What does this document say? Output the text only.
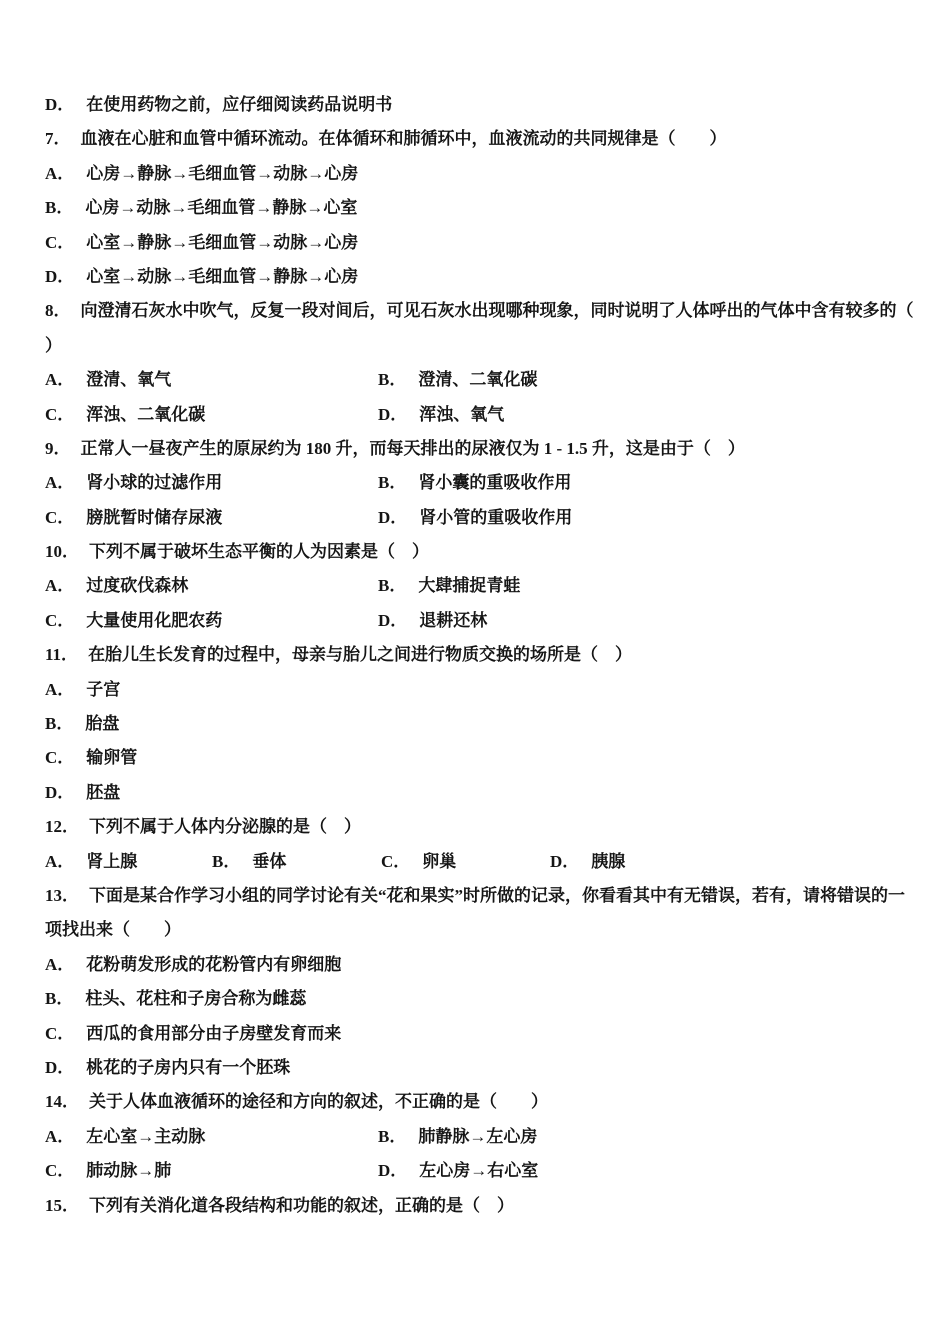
D． 在使用药物之前，应仔细阅读药品说明书
7． 血液在心脏和血管中循环流动。在体循环和肺循环中，血液流动的共同规律是（　　）
A． 心房→静脉→毛细血管→动脉→心房
B． 心房→动脉→毛细血管→静脉→心室
C． 心室→静脉→毛细血管→动脉→心房
D． 心室→动脉→毛细血管→静脉→心房
8． 向澄清石灰水中吹气，反复一段对间后，可见石灰水出现哪种现象，同时说明了人体呼出的气体中含有较多的（
）
A． 澄清、氧气	B． 澄清、二氧化碳
C． 浑浊、二氧化碳	D． 浑浊、氧气
9． 正常人一昼夜产生的原尿约为 180 升，而每天排出的尿液仅为 1 - 1.5 升，这是由于（　）
A． 肾小球的过滤作用	B． 肾小囊的重吸收作用
C． 膀胱暂时储存尿液	D． 肾小管的重吸收作用
10． 下列不属于破坏生态平衡的人为因素是（　）
A． 过度砍伐森林	B． 大肆捕捉青蛙
C． 大量使用化肥农药	D． 退耕还林
11． 在胎儿生长发育的过程中，母亲与胎儿之间进行物质交换的场所是（　）
A． 子宫
B． 胎盘
C． 输卵管
D． 胚盘
12． 下列不属于人体内分泌腺的是（　）
A． 肾上腺	B． 垂体	C． 卵巢	D． 胰腺
13． 下面是某合作学习小组的同学讨论有关“花和果实”时所做的记录，你看看其中有无错误，若有，请将错误的一
项找出来（　　）
A． 花粉萌发形成的花粉管内有卵细胞
B． 柱头、花柱和子房合称为雌蕊
C． 西瓜的食用部分由子房壁发育而来
D． 桃花的子房内只有一个胚珠
14． 关于人体血液循环的途径和方向的叙述，不正确的是（　　）
A． 左心室→主动脉	B． 肺静脉→左心房
C． 肺动脉→肺	D． 左心房→右心室
15． 下列有关消化道各段结构和功能的叙述，正确的是（　）
